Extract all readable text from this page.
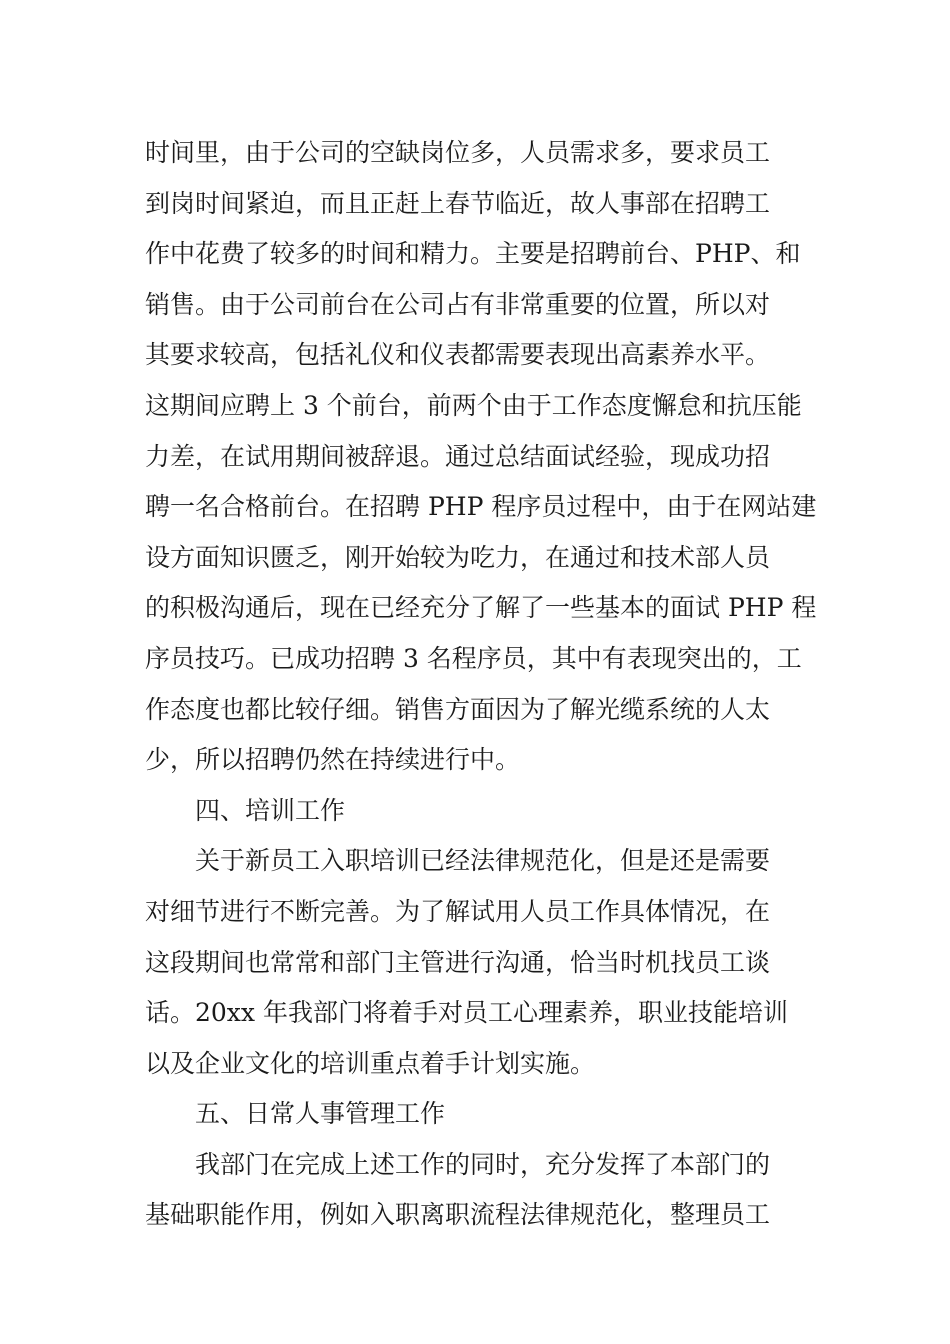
时间里，由于公司的空缺岗位多，人员需求多，要求员工
到岗时间紧迫，而且正赶上春节临近，故人事部在招聘工
作中花费了较多的时间和精力。主要是招聘前台、PHP、和
销售。由于公司前台在公司占有非常重要的位置，所以对
其要求较高，包括礼仪和仪表都需要表现出高素养水平。
这期间应聘上 3 个前台，前两个由于工作态度懈怠和抗压能
力差，在试用期间被辞退。通过总结面试经验，现成功招
聘一名合格前台。在招聘 PHP 程序员过程中，由于在网站建
设方面知识匮乏，刚开始较为吃力，在通过和技术部人员
的积极沟通后，现在已经充分了解了一些基本的面试 PHP 程
序员技巧。已成功招聘 3 名程序员，其中有表现突出的，工
作态度也都比较仔细。销售方面因为了解光缆系统的人太
少，所以招聘仍然在持续进行中。
四、培训工作
关于新员工入职培训已经法律规范化，但是还是需要
对细节进行不断完善。为了解试用人员工作具体情况，在
这段期间也常常和部门主管进行沟通，恰当时机找员工谈
话。20xx 年我部门将着手对员工心理素养，职业技能培训
以及企业文化的培训重点着手计划实施。
五、日常人事管理工作
我部门在完成上述工作的同时，充分发挥了本部门的
基础职能作用，例如入职离职流程法律规范化，整理员工
